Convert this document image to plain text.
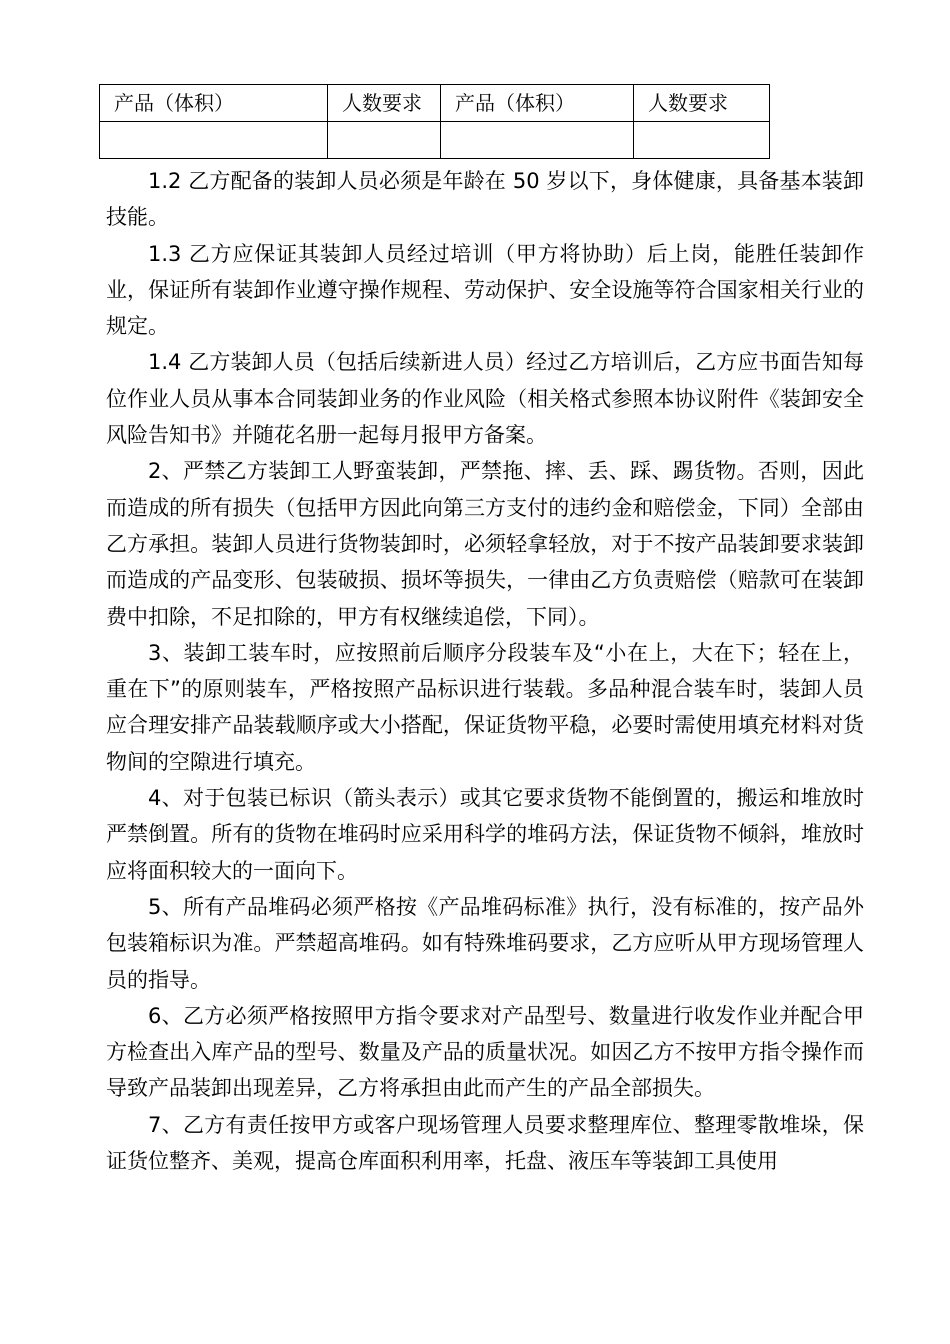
产品（体积）	人数要求	产品（体积）	人数要求

1.2 乙方配备的装卸人员必须是年龄在 50 岁以下，身体健康，具备基本装卸技能。

1.3 乙方应保证其装卸人员经过培训（甲方将协助）后上岗，能胜任装卸作业，保证所有装卸作业遵守操作规程、劳动保护、安全设施等符合国家相关行业的规定。

1.4 乙方装卸人员（包括后续新进人员）经过乙方培训后，乙方应书面告知每位作业人员从事本合同装卸业务的作业风险（相关格式参照本协议附件《装卸安全风险告知书》并随花名册一起每月报甲方备案。

2、严禁乙方装卸工人野蛮装卸，严禁拖、摔、丢、踩、踢货物。否则，因此而造成的所有损失（包括甲方因此向第三方支付的违约金和赔偿金，下同）全部由乙方承担。装卸人员进行货物装卸时，必须轻拿轻放，对于不按产品装卸要求装卸而造成的产品变形、包装破损、损坏等损失，一律由乙方负责赔偿（赔款可在装卸费中扣除，不足扣除的，甲方有权继续追偿，下同）。

3、装卸工装车时，应按照前后顺序分段装车及“小在上，大在下；轻在上，重在下”的原则装车，严格按照产品标识进行装载。多品种混合装车时，装卸人员应合理安排产品装载顺序或大小搭配，保证货物平稳，必要时需使用填充材料对货物间的空隙进行填充。

4、对于包装已标识（箭头表示）或其它要求货物不能倒置的，搬运和堆放时严禁倒置。所有的货物在堆码时应采用科学的堆码方法，保证货物不倾斜，堆放时应将面积较大的一面向下。

5、所有产品堆码必须严格按《产品堆码标准》执行，没有标准的，按产品外包装箱标识为准。严禁超高堆码。如有特殊堆码要求，乙方应听从甲方现场管理人员的指导。

6、乙方必须严格按照甲方指令要求对产品型号、数量进行收发作业并配合甲方检查出入库产品的型号、数量及产品的质量状况。如因乙方不按甲方指令操作而导致产品装卸出现差异，乙方将承担由此而产生的产品全部损失。

7、乙方有责任按甲方或客户现场管理人员要求整理库位、整理零散堆垛，保证货位整齐、美观，提高仓库面积利用率，托盘、液压车等装卸工具使用
